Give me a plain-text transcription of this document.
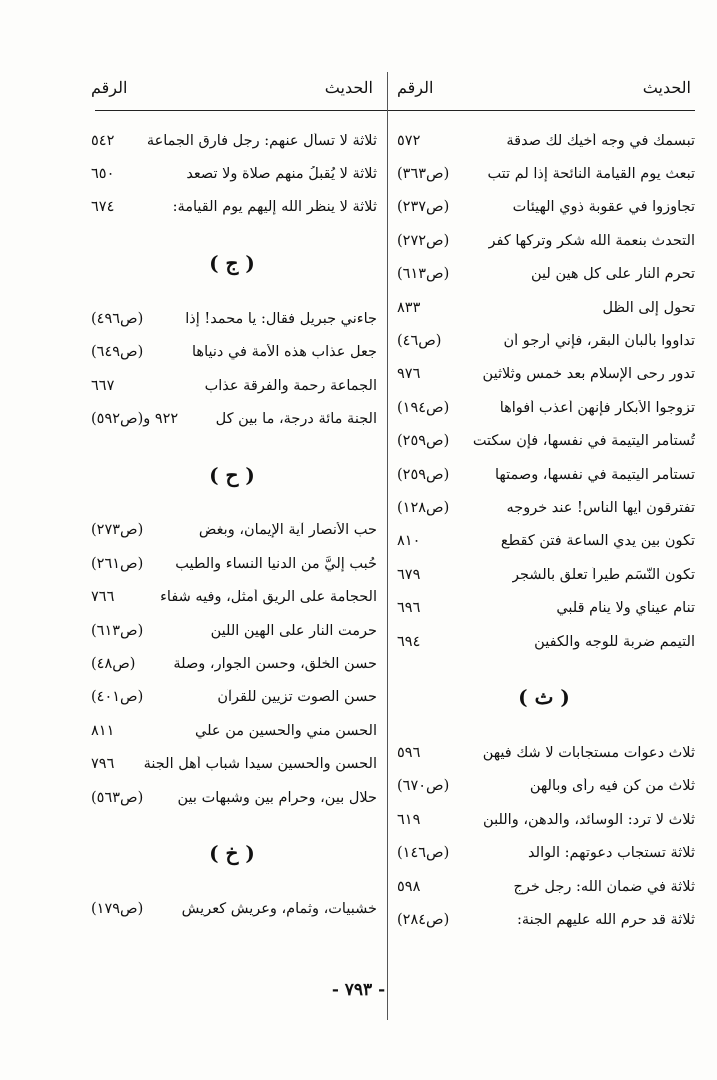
الحديث
الرقم
تبسمك في وجه أخيك لك صدقة
٥٧٢
تبعث يوم القيامة النائحة إذا لم تتب
(ص٣٦٣)
تجاوزوا في عقوبة ذوي الهيئات
(ص٢٣٧)
التحدث بنعمة الله شكر وتركها كفر
(ص٢٧٢)
تحرم النار على كل هين لين
(ص٦١٣)
تحول إلى الظل
٨٣٣
تداووا بألبان البقر، فإني أرجو أن
(ص٤٦)
تدور رحى الإسلام بعد خمس وثلاثين
٩٧٦
تزوجوا الأبكار فإنهن أعذب أفواهاً
(ص١٩٤)
تُستأمر اليتيمة في نفسها، فإن سكتت
(ص٢٥٩)
تستأمر اليتيمة في نفسها، وصمتها
(ص٢٥٩)
تفترقون أيها الناس! عند خروجه
(ص١٢٨)
تكون بين يدي الساعة فتن كقطع
٨١٠
تكون النَّسَم طيراً تعلق بالشجر
٦٧٩
تنام عيناي ولا ينام قلبي
٦٩٦
التيمم ضربة للوجه والكفين
٦٩٤
( ث )
ثلاث دعوات مستجابات لا شك فيهن
٥٩٦
ثلاث من كن فيه رأى وبالهن
(ص٦٧٠)
ثلاث لا ترد: الوسائد، والدهن، واللبن
٦١٩
ثلاثة تستجاب دعوتهم: الوالد
(ص١٤٦)
ثلاثة في ضمان الله: رجل خرج
٥٩٨
ثلاثة قد حرم الله عليهم الجنة:
(ص٢٨٤)
الحديث
الرقم
ثلاثة لا تسأل عنهم: رجل فارق الجماعة
٥٤٢
ثلاثة لا يُقبلُ منهم صلاة ولا تصعد
٦٥٠
ثلاثة لا ينظر الله إليهم يوم القيامة:
٦٧٤
( ج )
جاءني جبريل فقال: يا محمد! إذا
(ص٤٩٦)
جعل عذاب هذه الأمة في دنياها
(ص٦٤٩)
الجماعة رحمة والفرقة عذاب
٦٦٧
الجنة مائة درجة، ما بين كل
٩٢٢ و(ص٥٩٢)
( ح )
حب الأنصار آية الإيمان، وبغض
(ص٢٧٣)
حُبب إليَّ من الدنيا النساء والطيب
(ص٢٦١)
الحجامة على الريق أمثل، وفيه شفاء
٧٦٦
حرمت النار على الهين اللين
(ص٦١٣)
حسن الخلق، وحسن الجوار، وصلة
(ص٤٨)
حسن الصوت تزيين للقرآن
(ص٤٠١)
الحسن مني والحسين من علي
٨١١
الحسن والحسين سيدا شباب أهل الجنة
٧٩٦
حلال بين، وحرام بين وشبهات بين
(ص٥٦٣)
( خ )
خشبيات، وثمام، وعريش كعريش
(ص١٧٩)
- ٧٩٣ -
